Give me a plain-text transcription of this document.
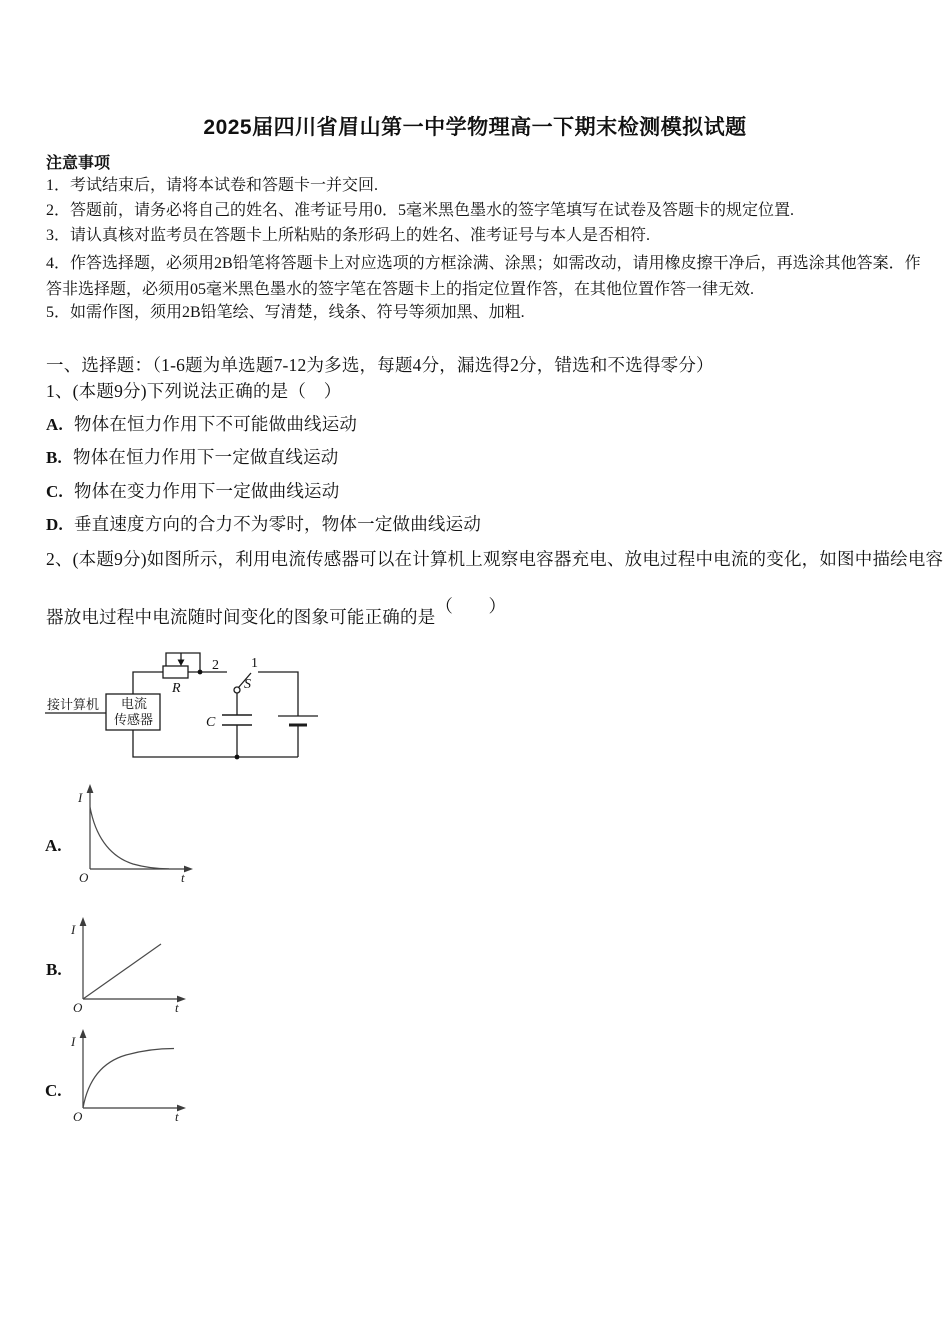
2025届四川省眉山第一中学物理高一下期末检测模拟试题
注意事项
1．考试结束后，请将本试卷和答题卡一并交回.
2．答题前，请务必将自己的姓名、准考证号用0．5毫米黑色墨水的签字笔填写在试卷及答题卡的规定位置.
3．请认真核对监考员在答题卡上所粘贴的条形码上的姓名、准考证号与本人是否相符.
4．作答选择题，必须用2B铅笔将答题卡上对应选项的方框涂满、涂黑；如需改动，请用橡皮擦干净后，再选涂其他答案．作答非选择题，必须用05毫米黑色墨水的签字笔在答题卡上的指定位置作答，在其他位置作答一律无效.
5．如需作图，须用2B铅笔绘、写清楚，线条、符号等须加黑、加粗.
一、选择题：（1-6题为单选题7-12为多选，每题4分，漏选得2分，错选和不选得零分）
1、(本题9分)下列说法正确的是（　）
A. 物体在恒力作用下不可能做曲线运动
B. 物体在恒力作用下一定做直线运动
C. 物体在变力作用下一定做曲线运动
D. 垂直速度方向的合力不为零时，物体一定做曲线运动
2、(本题9分)如图所示，利用电流传感器可以在计算机上观察电容器充电、放电过程中电流的变化，如图中描绘电容
器放电过程中电流随时间变化的图象可能正确的是（　　）
接计算机 电流
传感器
R
2 1
S
C
A.
I
O	t
B.
I
O	t
C.
I
O	t
